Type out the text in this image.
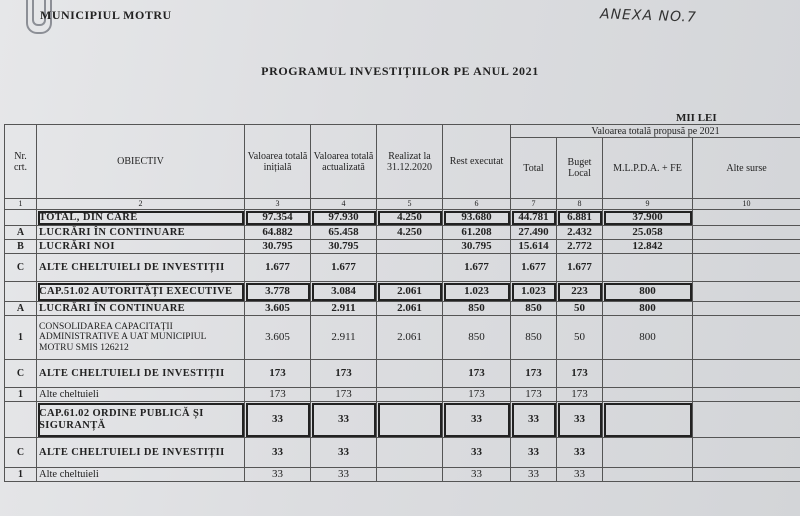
MUNICIPIUL MOTRU	ANEXA NO.7
PROGRAMUL INVESTIȚIILOR PE ANUL 2021
MII LEI
Nr. crt.	OBIECTIV	Valoarea totală inițială	Valoarea totală actualizată	Realizat la 31.12.2020	Rest executat	Valoarea totală propusă pe 2021			
						Total	Buget Local	M.L.P.D.A. + FE	Alte surse
1	2	3	4	5	6	7	8	9	10
	TOTAL, DIN CARE	97.354	97.930	4.250	93.680	44.781	6.881	37.900	
A	LUCRĂRI ÎN CONTINUARE	64.882	65.458	4.250	61.208	27.490	2.432	25.058	
B	LUCRĂRI NOI	30.795	30.795		30.795	15.614	2.772	12.842	
C	ALTE CHELTUIELI DE INVESTIȚII	1.677	1.677		1.677	1.677	1.677		
	CAP.51.02 AUTORITĂȚI EXECUTIVE	3.778	3.084	2.061	1.023	1.023	223	800	
A	LUCRĂRI ÎN CONTINUARE	3.605	2.911	2.061	850	850	50	800	
1	CONSOLIDAREA CAPACITAȚII ADMINISTRATIVE A UAT MUNICIPIUL MOTRU SMIS 126212	3.605	2.911	2.061	850	850	50	800	
C	ALTE CHELTUIELI DE INVESTIȚII	173	173		173	173	173		
1	Alte cheltuieli	173	173		173	173	173		
	CAP.61.02 ORDINE PUBLICĂ ȘI SIGURANȚĂ	33	33		33	33	33		
C	ALTE CHELTUIELI DE INVESTIȚII	33	33		33	33	33		
1	Alte cheltuieli	33	33		33	33	33		
